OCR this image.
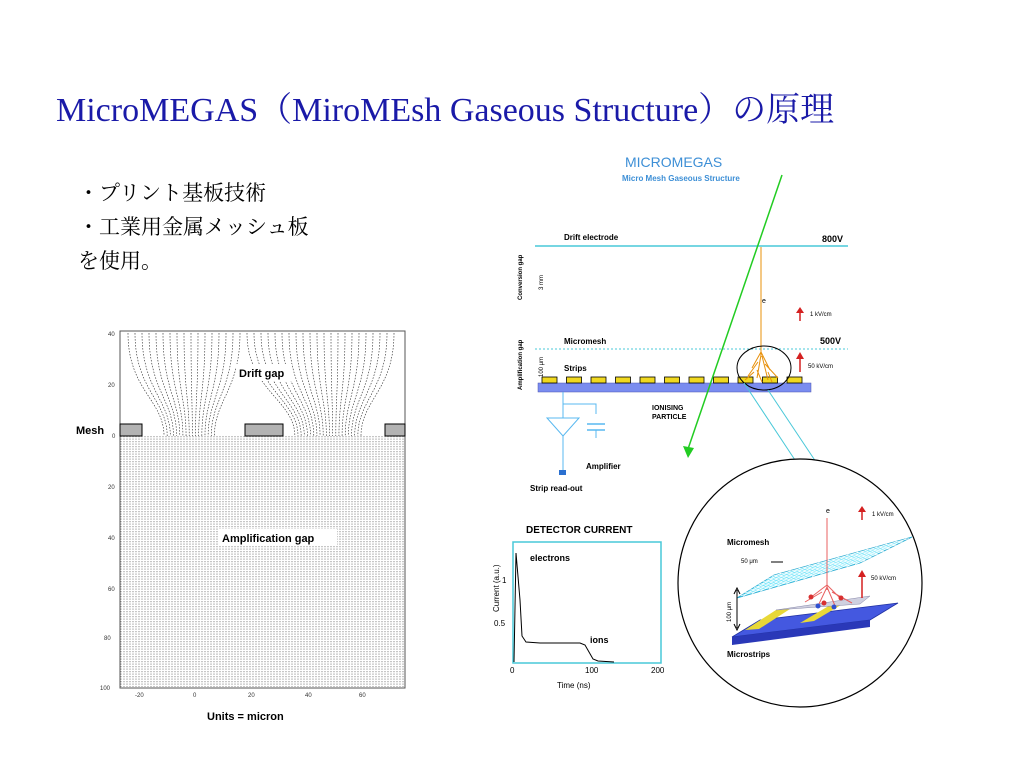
MicroMEGAS（MiroMEsh Gaseous Structure）の原理
・プリント基板技術
・工業用金属メッシュ板
を使用。
Drift gap
Amplification gap
Mesh
40
20
0
20
40
60
80
100
-20	0	20	40	60
Units = micron
MICROMEGAS
Micro Mesh Gaseous Structure
Drift electrode	800V
Conversion gap	3 mm
Micromesh	500V
Amplification gap	100 μm Strips
e
1 kV/cm
50 kV/cm
IONISING
PARTICLE
Amplifier
Strip read-out
DETECTOR CURRENT
electrons
ions
1
0.5
0	100	200
Current (a.u.)
Time (ns)
e	1 kV/cm
50 kV/cm
Micromesh
50 μm
100 μm
Microstrips
